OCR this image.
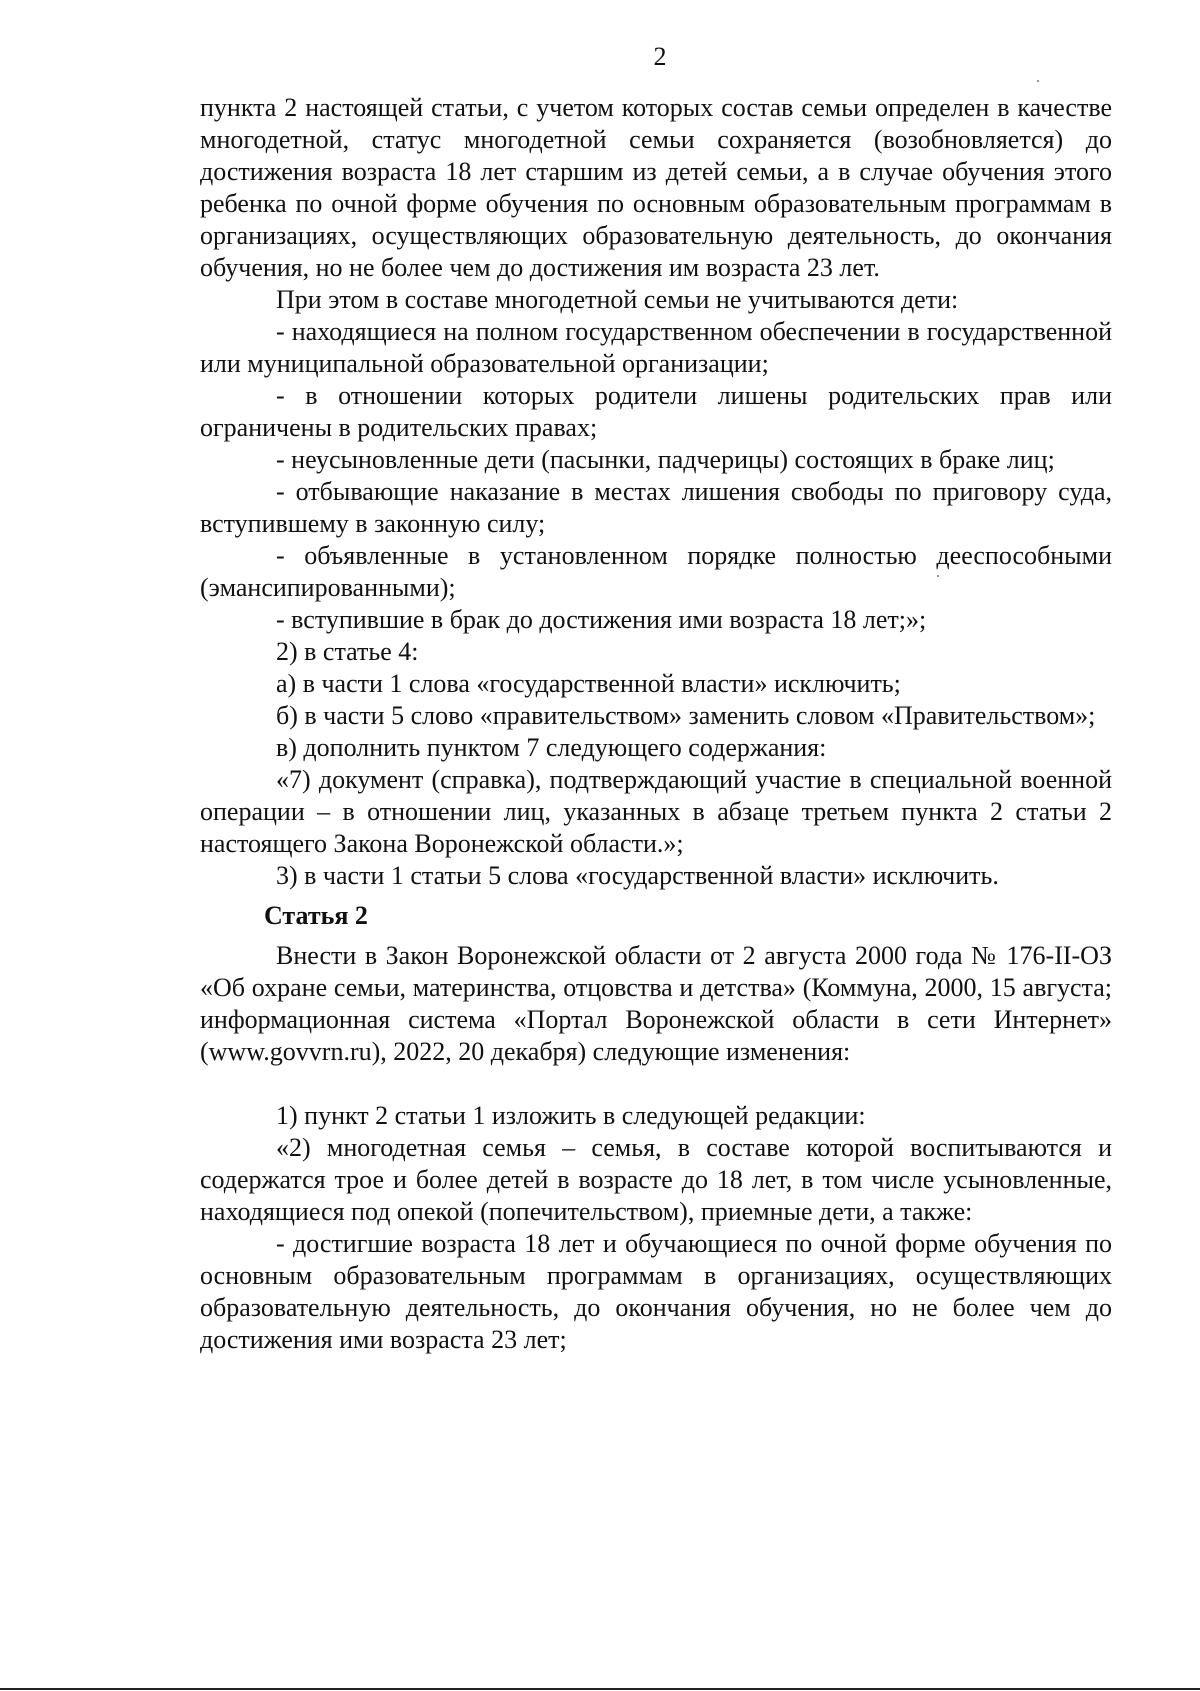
2

пункта 2 настоящей статьи, с учетом которых состав семьи определен в качестве многодетной, статус многодетной семьи сохраняется (возобновляется) до достижения возраста 18 лет старшим из детей семьи, а в случае обучения этого ребенка по очной форме обучения по основным образовательным программам в организациях, осуществляющих образовательную деятельность, до окончания обучения, но не более чем до достижения им возраста 23 лет.

При этом в составе многодетной семьи не учитываются дети:

- находящиеся на полном государственном обеспечении в государственной или муниципальной образовательной организации;

- в отношении которых родители лишены родительских прав или ограничены в родительских правах;

- неусыновленные дети (пасынки, падчерицы) состоящих в браке лиц;

- отбывающие наказание в местах лишения свободы по приговору суда, вступившему в законную силу;

- объявленные в установленном порядке полностью дееспособными (эмансипированными);

- вступившие в брак до достижения ими возраста 18 лет;»;

2) в статье 4:

а) в части 1 слова «государственной власти» исключить;

б) в части 5 слово «правительством» заменить словом «Правительством»;

в) дополнить пунктом 7 следующего содержания:

«7) документ (справка), подтверждающий участие в специальной военной операции – в отношении лиц, указанных в абзаце третьем пункта 2 статьи 2 настоящего Закона Воронежской области.»;

3) в части 1 статьи 5 слова «государственной власти» исключить.

Статья 2

Внести в Закон Воронежской области от 2 августа 2000 года № 176-II-ОЗ «Об охране семьи, материнства, отцовства и детства» (Коммуна, 2000, 15 августа; информационная система «Портал Воронежской области в сети Интернет» (www.govvrn.ru), 2022, 20 декабря) следующие изменения:

1) пункт 2 статьи 1 изложить в следующей редакции:

«2) многодетная семья – семья, в составе которой воспитываются и содержатся трое и более детей в возрасте до 18 лет, в том числе усыновленные, находящиеся под опекой (попечительством), приемные дети, а также:

- достигшие возраста 18 лет и обучающиеся по очной форме обучения по основным образовательным программам в организациях, осуществляющих образовательную деятельность, до окончания обучения, но не более чем до достижения ими возраста 23 лет;
